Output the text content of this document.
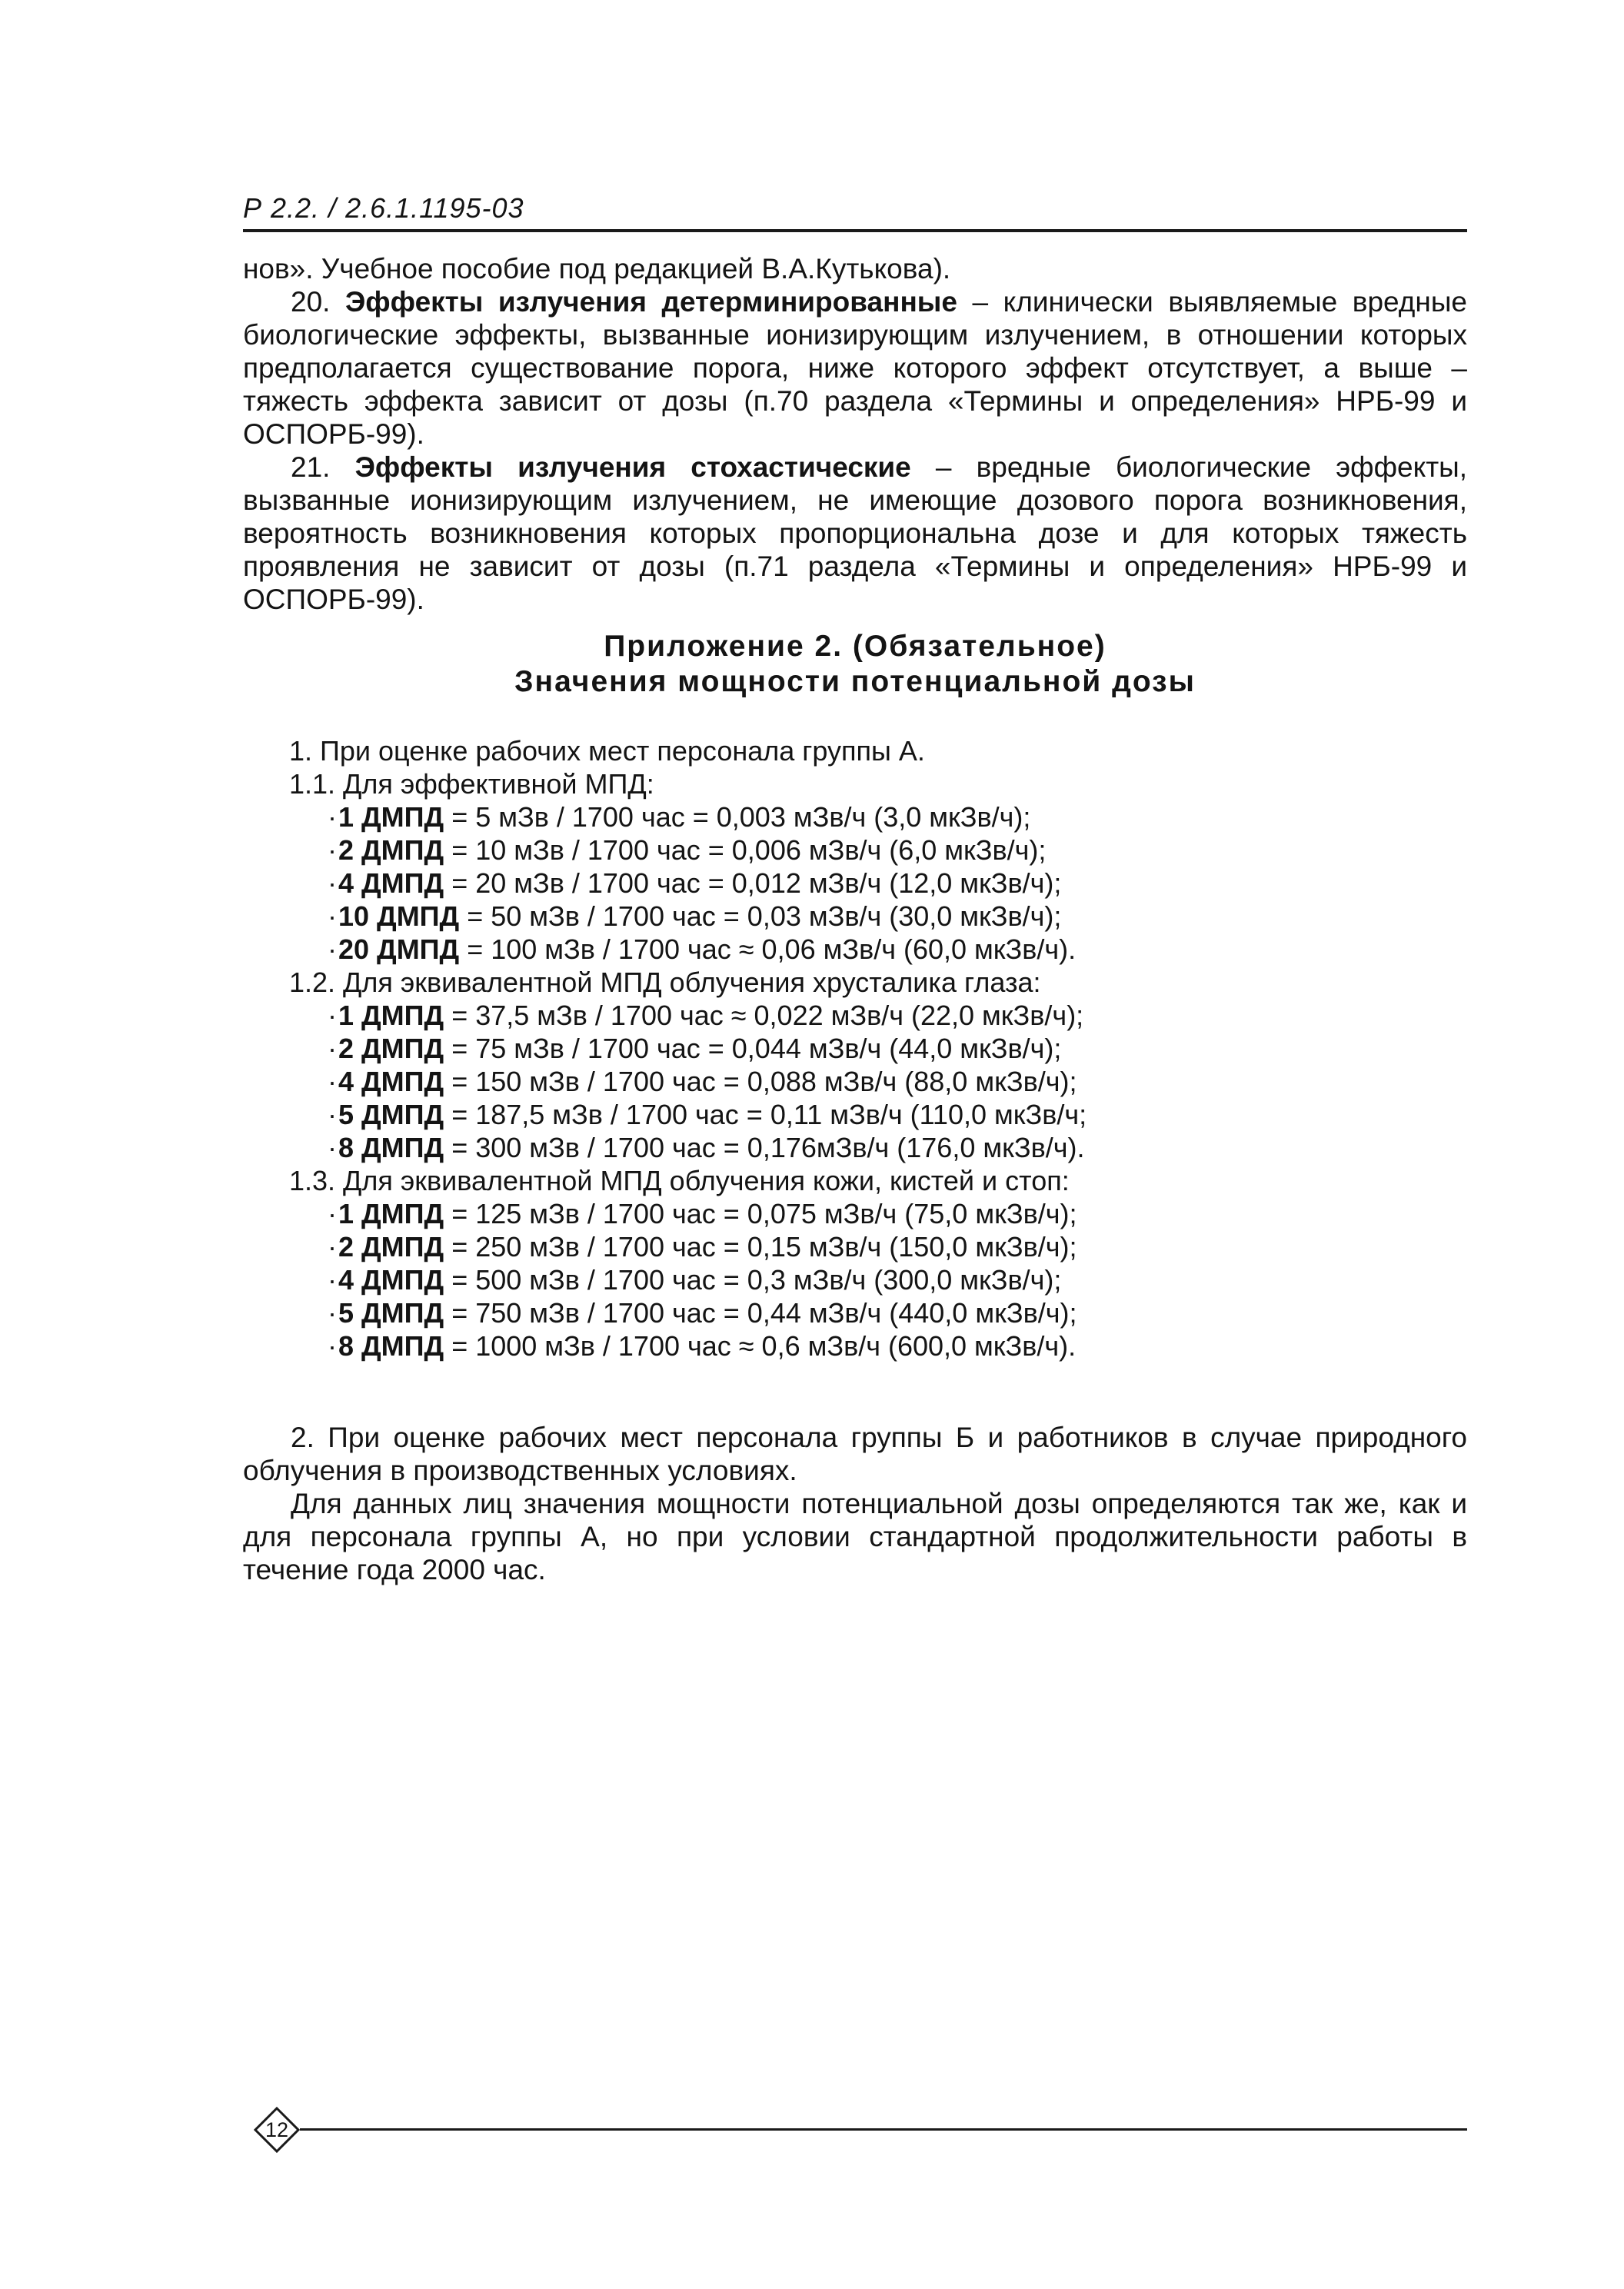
Р 2.2. / 2.6.1.1195-03

нов». Учебное пособие под редакцией В.А.Кутькова).

20. Эффекты излучения детерминированные – клинически выявляемые вредные биологические эффекты, вызванные ионизирующим излучением, в отношении которых предполагается существование порога, ниже которого эффект отсутствует, а выше – тяжесть эффекта зависит от дозы (п.70 раздела «Термины и определения» НРБ-99 и ОСПОРБ-99).

21. Эффекты излучения стохастические – вредные биологические эффекты, вызванные ионизирующим излучением, не имеющие дозового порога возникновения, вероятность возникновения которых пропорциональна дозе и для которых тяжесть проявления не зависит от дозы (п.71 раздела «Термины и определения» НРБ-99 и ОСПОРБ-99).

Приложение 2. (Обязательное)
Значения мощности потенциальной дозы
1. При оценке рабочих мест персонала группы А.
1.1. Для эффективной МПД:
·1 ДМПД = 5 мЗв / 1700 час = 0,003 мЗв/ч (3,0 мкЗв/ч);
·2 ДМПД = 10 мЗв / 1700 час = 0,006 мЗв/ч (6,0 мкЗв/ч);
·4 ДМПД = 20 мЗв / 1700 час = 0,012 мЗв/ч (12,0 мкЗв/ч);
·10 ДМПД = 50 мЗв / 1700 час = 0,03 мЗв/ч (30,0 мкЗв/ч);
·20 ДМПД = 100 мЗв / 1700 час ≈ 0,06 мЗв/ч (60,0 мкЗв/ч).
1.2. Для эквивалентной МПД облучения хрусталика глаза:
·1 ДМПД = 37,5 мЗв / 1700 час ≈ 0,022 мЗв/ч (22,0 мкЗв/ч);
·2 ДМПД = 75 мЗв / 1700 час = 0,044 мЗв/ч (44,0 мкЗв/ч);
·4 ДМПД = 150 мЗв / 1700 час = 0,088 мЗв/ч (88,0 мкЗв/ч);
·5 ДМПД = 187,5 мЗв / 1700 час = 0,11 мЗв/ч (110,0 мкЗв/ч;
·8 ДМПД = 300 мЗв / 1700 час = 0,176мЗв/ч (176,0 мкЗв/ч).
1.3. Для эквивалентной МПД облучения кожи, кистей и стоп:
·1 ДМПД = 125 мЗв / 1700 час = 0,075 мЗв/ч (75,0 мкЗв/ч);
·2 ДМПД = 250 мЗв / 1700 час = 0,15 мЗв/ч (150,0 мкЗв/ч);
·4 ДМПД = 500 мЗв / 1700 час = 0,3 мЗв/ч (300,0 мкЗв/ч);
·5 ДМПД = 750 мЗв / 1700 час = 0,44 мЗв/ч (440,0 мкЗв/ч);
·8 ДМПД = 1000 мЗв / 1700 час ≈ 0,6 мЗв/ч (600,0 мкЗв/ч).

2. При оценке рабочих мест персонала группы Б и работников в случае природного облучения в производственных условиях.

Для данных лиц значения мощности потенциальной дозы определяются так же, как и для персонала группы А, но при условии стандартной продолжительности работы в течение года 2000 час.

12
